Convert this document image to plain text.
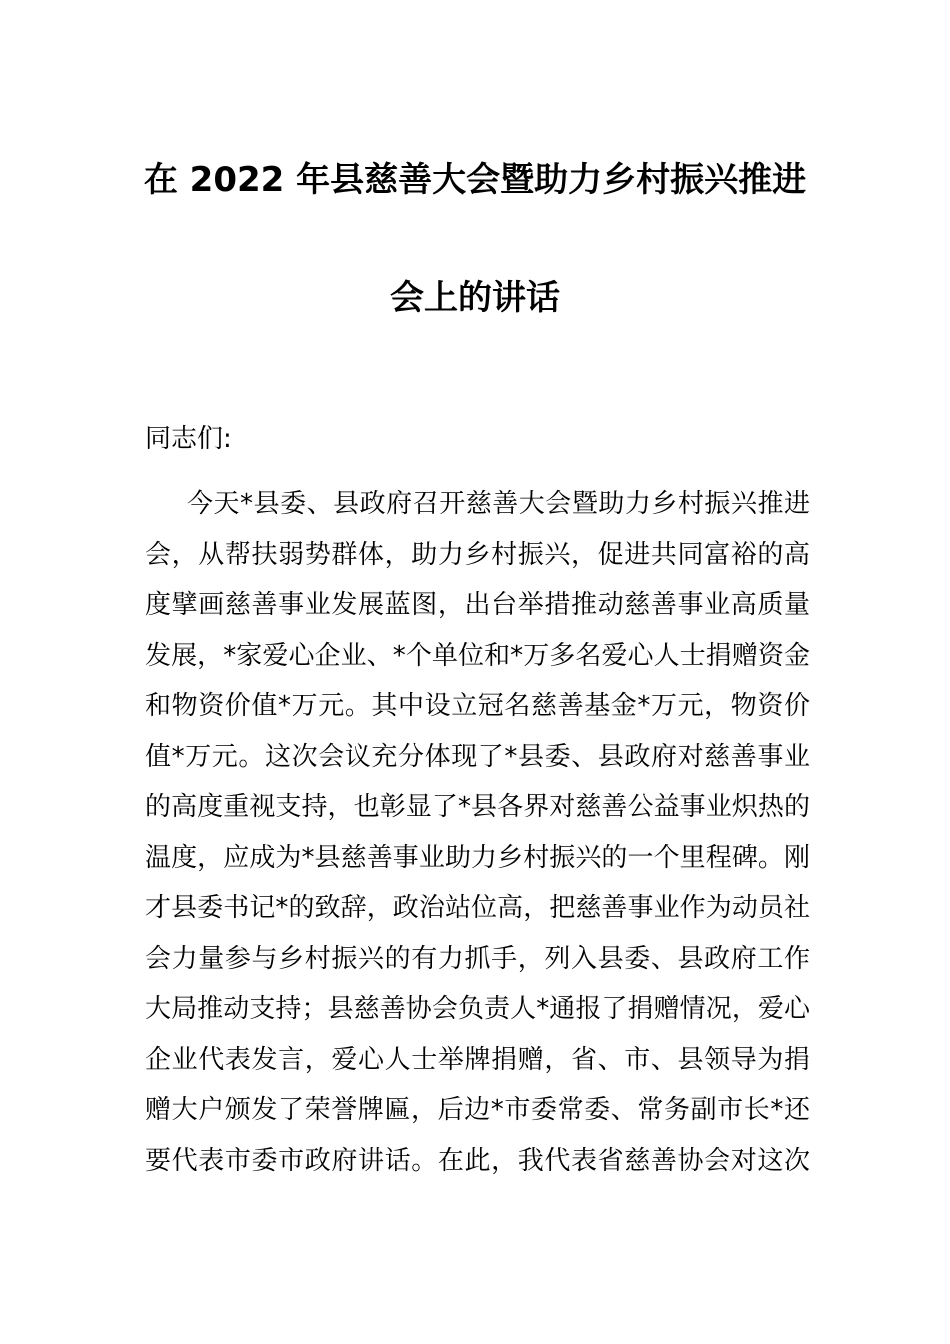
在 2022 年县慈善大会暨助力乡村振兴推进
会上的讲话

同志们:

今天*县委、县政府召开慈善大会暨助力乡村振兴推进
会，从帮扶弱势群体，助力乡村振兴，促进共同富裕的高
度擘画慈善事业发展蓝图，出台举措推动慈善事业高质量
发展，*家爱心企业、*个单位和*万多名爱心人士捐赠资金
和物资价值*万元。其中设立冠名慈善基金*万元，物资价
值*万元。这次会议充分体现了*县委、县政府对慈善事业
的高度重视支持，也彰显了*县各界对慈善公益事业炽热的
温度，应成为*县慈善事业助力乡村振兴的一个里程碑。刚
才县委书记*的致辞，政治站位高，把慈善事业作为动员社
会力量参与乡村振兴的有力抓手，列入县委、县政府工作
大局推动支持；县慈善协会负责人*通报了捐赠情况，爱心
企业代表发言，爱心人士举牌捐赠，省、市、县领导为捐
赠大户颁发了荣誉牌匾，后边*市委常委、常务副市长*还
要代表市委市政府讲话。在此，我代表省慈善协会对这次
